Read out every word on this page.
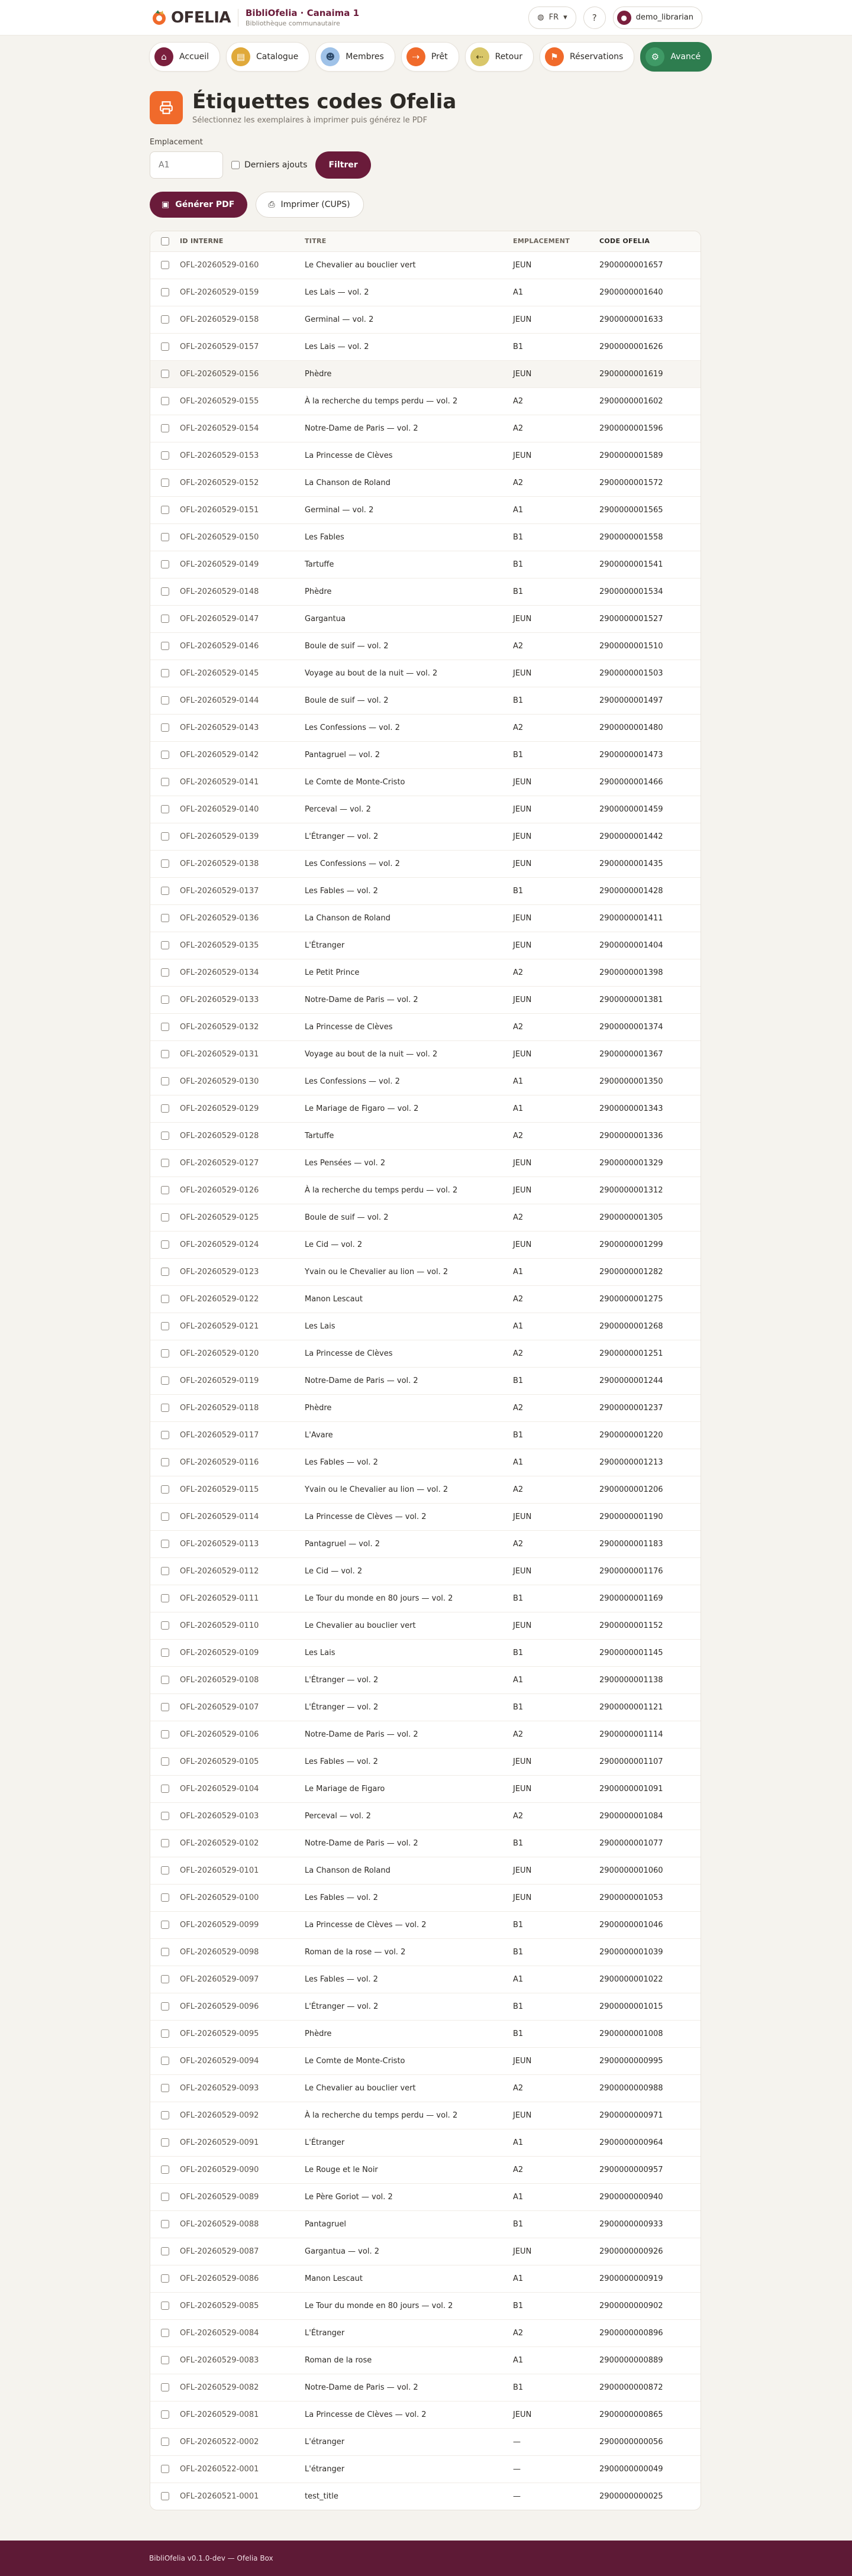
OFELIA BibliOfelia · Canaima 1
Bibliothèque communautaire
◍ FR ▾	?	●	demo_librarian
⌂	Accueil	▤	Catalogue	☻	Membres	⇢	Prêt	⇠	Retour	⚑	Réservations	⚙	Avancé
Étiquettes codes Ofelia
Sélectionnez les exemplaires à imprimer puis générez le PDF
Emplacement
A1
Derniers ajouts	Filtrer
▣ Générer PDF	⎙ Imprimer (CUPS)
	ID INTERNE	TITRE	EMPLACEMENT	CODE OFELIA
	OFL-20260529-0160	Le Chevalier au bouclier vert	JEUN	2900000001657
	OFL-20260529-0159	Les Lais — vol. 2	A1	2900000001640
	OFL-20260529-0158	Germinal — vol. 2	JEUN	2900000001633
	OFL-20260529-0157	Les Lais — vol. 2	B1	2900000001626
	OFL-20260529-0156	Phèdre	JEUN	2900000001619
	OFL-20260529-0155	À la recherche du temps perdu — vol. 2	A2	2900000001602
	OFL-20260529-0154	Notre-Dame de Paris — vol. 2	A2	2900000001596
	OFL-20260529-0153	La Princesse de Clèves	JEUN	2900000001589
	OFL-20260529-0152	La Chanson de Roland	A2	2900000001572
	OFL-20260529-0151	Germinal — vol. 2	A1	2900000001565
	OFL-20260529-0150	Les Fables	B1	2900000001558
	OFL-20260529-0149	Tartuffe	B1	2900000001541
	OFL-20260529-0148	Phèdre	B1	2900000001534
	OFL-20260529-0147	Gargantua	JEUN	2900000001527
	OFL-20260529-0146	Boule de suif — vol. 2	A2	2900000001510
	OFL-20260529-0145	Voyage au bout de la nuit — vol. 2	JEUN	2900000001503
	OFL-20260529-0144	Boule de suif — vol. 2	B1	2900000001497
	OFL-20260529-0143	Les Confessions — vol. 2	A2	2900000001480
	OFL-20260529-0142	Pantagruel — vol. 2	B1	2900000001473
	OFL-20260529-0141	Le Comte de Monte-Cristo	JEUN	2900000001466
	OFL-20260529-0140	Perceval — vol. 2	JEUN	2900000001459
	OFL-20260529-0139	L'Étranger — vol. 2	JEUN	2900000001442
	OFL-20260529-0138	Les Confessions — vol. 2	JEUN	2900000001435
	OFL-20260529-0137	Les Fables — vol. 2	B1	2900000001428
	OFL-20260529-0136	La Chanson de Roland	JEUN	2900000001411
	OFL-20260529-0135	L'Étranger	JEUN	2900000001404
	OFL-20260529-0134	Le Petit Prince	A2	2900000001398
	OFL-20260529-0133	Notre-Dame de Paris — vol. 2	JEUN	2900000001381
	OFL-20260529-0132	La Princesse de Clèves	A2	2900000001374
	OFL-20260529-0131	Voyage au bout de la nuit — vol. 2	JEUN	2900000001367
	OFL-20260529-0130	Les Confessions — vol. 2	A1	2900000001350
	OFL-20260529-0129	Le Mariage de Figaro — vol. 2	A1	2900000001343
	OFL-20260529-0128	Tartuffe	A2	2900000001336
	OFL-20260529-0127	Les Pensées — vol. 2	JEUN	2900000001329
	OFL-20260529-0126	À la recherche du temps perdu — vol. 2	JEUN	2900000001312
	OFL-20260529-0125	Boule de suif — vol. 2	A2	2900000001305
	OFL-20260529-0124	Le Cid — vol. 2	JEUN	2900000001299
	OFL-20260529-0123	Yvain ou le Chevalier au lion — vol. 2	A1	2900000001282
	OFL-20260529-0122	Manon Lescaut	A2	2900000001275
	OFL-20260529-0121	Les Lais	A1	2900000001268
	OFL-20260529-0120	La Princesse de Clèves	A2	2900000001251
	OFL-20260529-0119	Notre-Dame de Paris — vol. 2	B1	2900000001244
	OFL-20260529-0118	Phèdre	A2	2900000001237
	OFL-20260529-0117	L'Avare	B1	2900000001220
	OFL-20260529-0116	Les Fables — vol. 2	A1	2900000001213
	OFL-20260529-0115	Yvain ou le Chevalier au lion — vol. 2	A2	2900000001206
	OFL-20260529-0114	La Princesse de Clèves — vol. 2	JEUN	2900000001190
	OFL-20260529-0113	Pantagruel — vol. 2	A2	2900000001183
	OFL-20260529-0112	Le Cid — vol. 2	JEUN	2900000001176
	OFL-20260529-0111	Le Tour du monde en 80 jours — vol. 2	B1	2900000001169
	OFL-20260529-0110	Le Chevalier au bouclier vert	JEUN	2900000001152
	OFL-20260529-0109	Les Lais	B1	2900000001145
	OFL-20260529-0108	L'Étranger — vol. 2	A1	2900000001138
	OFL-20260529-0107	L'Étranger — vol. 2	B1	2900000001121
	OFL-20260529-0106	Notre-Dame de Paris — vol. 2	A2	2900000001114
	OFL-20260529-0105	Les Fables — vol. 2	JEUN	2900000001107
	OFL-20260529-0104	Le Mariage de Figaro	JEUN	2900000001091
	OFL-20260529-0103	Perceval — vol. 2	A2	2900000001084
	OFL-20260529-0102	Notre-Dame de Paris — vol. 2	B1	2900000001077
	OFL-20260529-0101	La Chanson de Roland	JEUN	2900000001060
	OFL-20260529-0100	Les Fables — vol. 2	JEUN	2900000001053
	OFL-20260529-0099	La Princesse de Clèves — vol. 2	B1	2900000001046
	OFL-20260529-0098	Roman de la rose — vol. 2	B1	2900000001039
	OFL-20260529-0097	Les Fables — vol. 2	A1	2900000001022
	OFL-20260529-0096	L'Étranger — vol. 2	B1	2900000001015
	OFL-20260529-0095	Phèdre	B1	2900000001008
	OFL-20260529-0094	Le Comte de Monte-Cristo	JEUN	2900000000995
	OFL-20260529-0093	Le Chevalier au bouclier vert	A2	2900000000988
	OFL-20260529-0092	À la recherche du temps perdu — vol. 2	JEUN	2900000000971
	OFL-20260529-0091	L'Étranger	A1	2900000000964
	OFL-20260529-0090	Le Rouge et le Noir	A2	2900000000957
	OFL-20260529-0089	Le Père Goriot — vol. 2	A1	2900000000940
	OFL-20260529-0088	Pantagruel	B1	2900000000933
	OFL-20260529-0087	Gargantua — vol. 2	JEUN	2900000000926
	OFL-20260529-0086	Manon Lescaut	A1	2900000000919
	OFL-20260529-0085	Le Tour du monde en 80 jours — vol. 2	B1	2900000000902
	OFL-20260529-0084	L'Étranger	A2	2900000000896
	OFL-20260529-0083	Roman de la rose	A1	2900000000889
	OFL-20260529-0082	Notre-Dame de Paris — vol. 2	B1	2900000000872
	OFL-20260529-0081	La Princesse de Clèves — vol. 2	JEUN	2900000000865
	OFL-20260522-0002	L'étranger	—	2900000000056
	OFL-20260522-0001	L'étranger	—	2900000000049
	OFL-20260521-0001	test_title	—	2900000000025
BibliOfelia v0.1.0-dev — Ofelia Box
